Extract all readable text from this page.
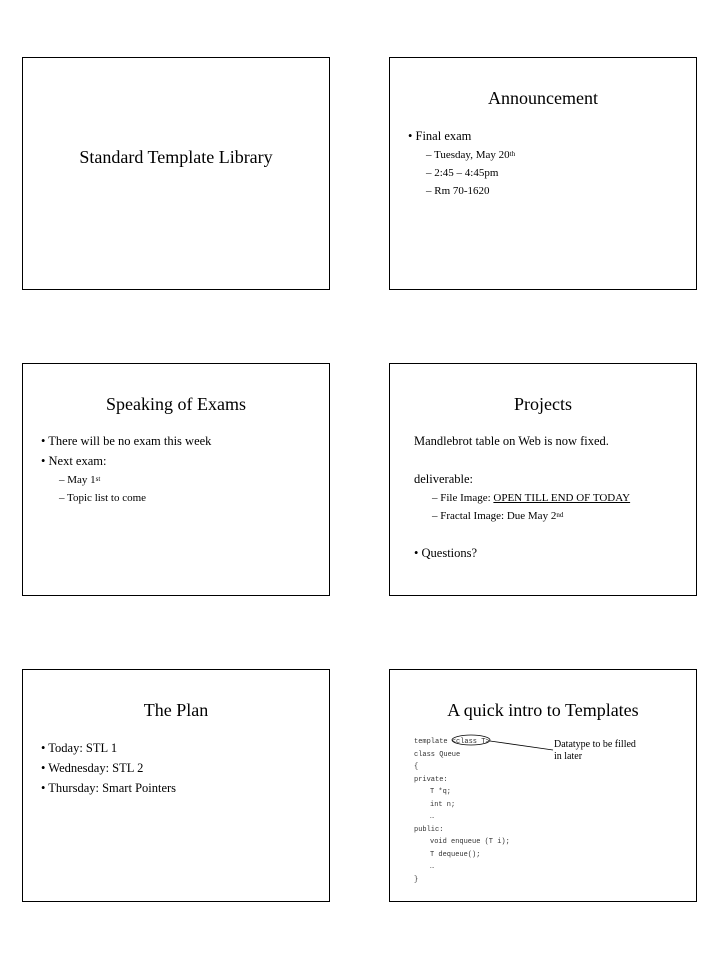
Standard Template Library
Announcement
• Final exam
– Tuesday, May 20th
– 2:45 – 4:45pm
– Rm 70-1620
Speaking of Exams
• There will be no exam this week
• Next exam:
– May 1st
– Topic list to come
Projects
Mandlebrot table on Web is now fixed.
deliverable:
– File Image: OPEN TILL END OF TODAY
– Fractal Image: Due May 2nd
• Questions?
The Plan
• Today: STL 1
• Wednesday: STL 2
• Thursday: Smart Pointers
A quick intro to Templates
template <class T>
class Queue
{
private:
T *q;
int n;
…
public:
void enqueue (T i);
T dequeue();
…
}
Datatype to be filled in later
